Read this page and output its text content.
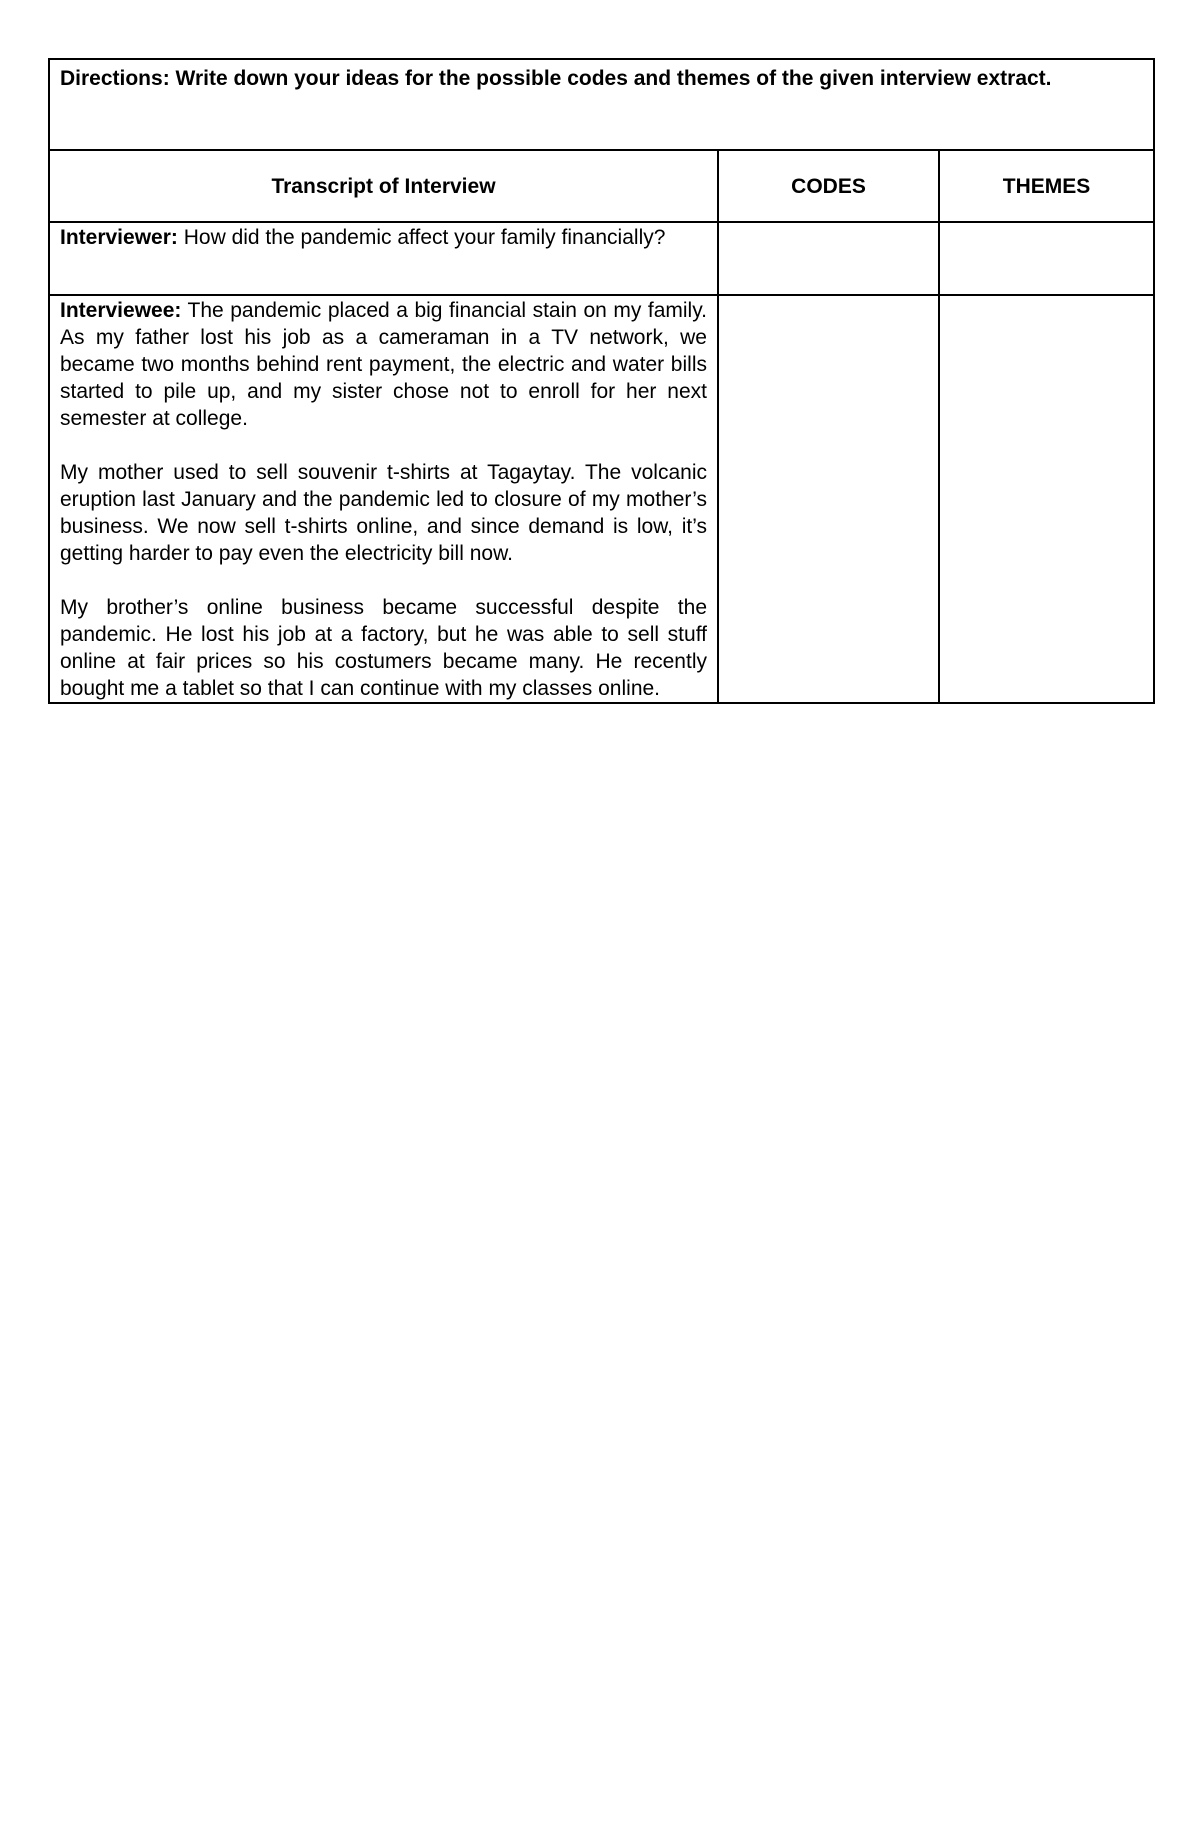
Directions: Write down your ideas for the possible codes and themes of the given interview extract.		
Transcript of Interview	CODES	THEMES
Interviewer: How did the pandemic affect your family financially?		

Interviewee: The pandemic placed a big financial stain on my family. As my father lost his job as a cameraman in a TV network, we became two months behind rent payment, the electric and water bills started to pile up, and my sister chose not to enroll for her next semester at college.

My mother used to sell souvenir t-shirts at Tagaytay. The volcanic eruption last January and the pandemic led to closure of my mother’s business. We now sell t-shirts online, and since demand is low, it’s getting harder to pay even the electricity bill now.

My brother’s online business became successful despite the pandemic. He lost his job at a factory, but he was able to sell stuff online at fair prices so his costumers became many. He recently bought me a tablet so that I can continue with my classes online.		
